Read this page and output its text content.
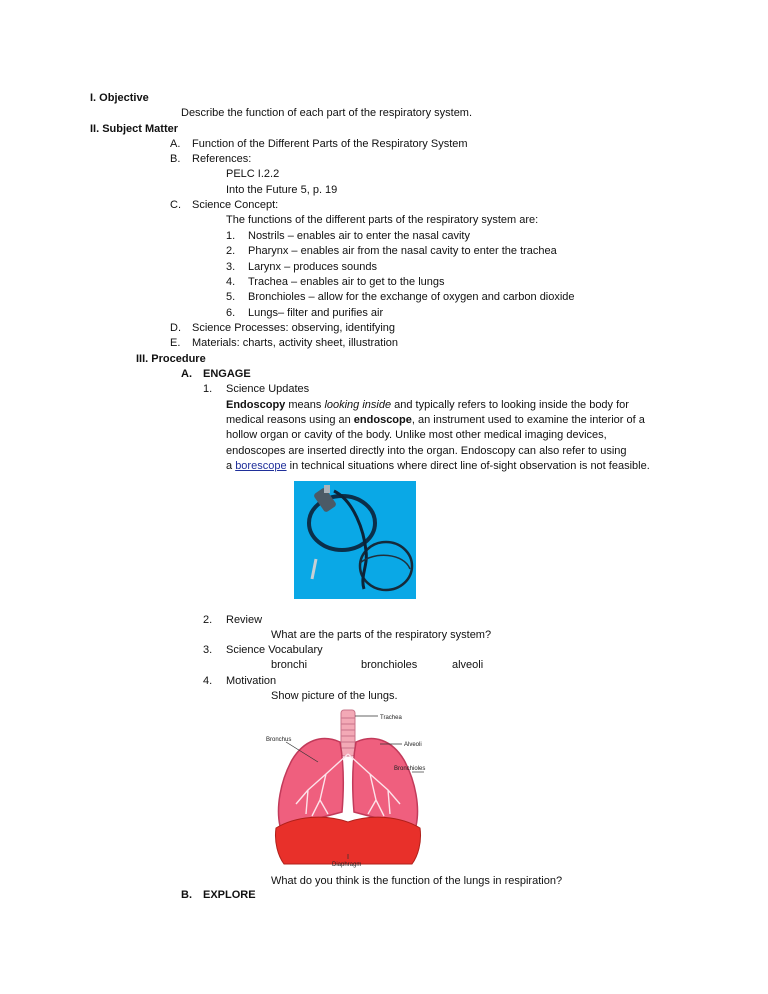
I. Objective
Describe the function of each part of the respiratory system.
II. Subject Matter
A. Function of the Different Parts of the Respiratory System
B. References:
PELC I.2.2
Into the Future 5, p. 19
C. Science Concept:
The functions of the different parts of the respiratory system are:
1. Nostrils – enables air to enter the nasal cavity
2. Pharynx – enables air from the nasal cavity to enter the trachea
3. Larynx – produces sounds
4. Trachea – enables air to get to the lungs
5. Bronchioles – allow for the exchange of oxygen and carbon dioxide
6. Lungs– filter and purifies air
D. Science Processes: observing, identifying
E. Materials: charts, activity sheet, illustration
III. Procedure
A. ENGAGE
1. Science Updates
Endoscopy means looking inside and typically refers to looking inside the body for
medical reasons using an endoscope, an instrument used to examine the interior of a
hollow organ or cavity of the body. Unlike most other medical imaging devices,
endoscopes are inserted directly into the organ. Endoscopy can also refer to using
a borescope in technical situations where direct line of-sight observation is not feasible.
2. Review
What are the parts of the respiratory system?
3. Science Vocabulary
bronchi	bronchioles	alveoli
4. Motivation
Show picture of the lungs.
Trachea
Bronchus
Alveoli
Bronchioles
Diaphragm
What do you think is the function of the lungs in respiration?
B. EXPLORE
